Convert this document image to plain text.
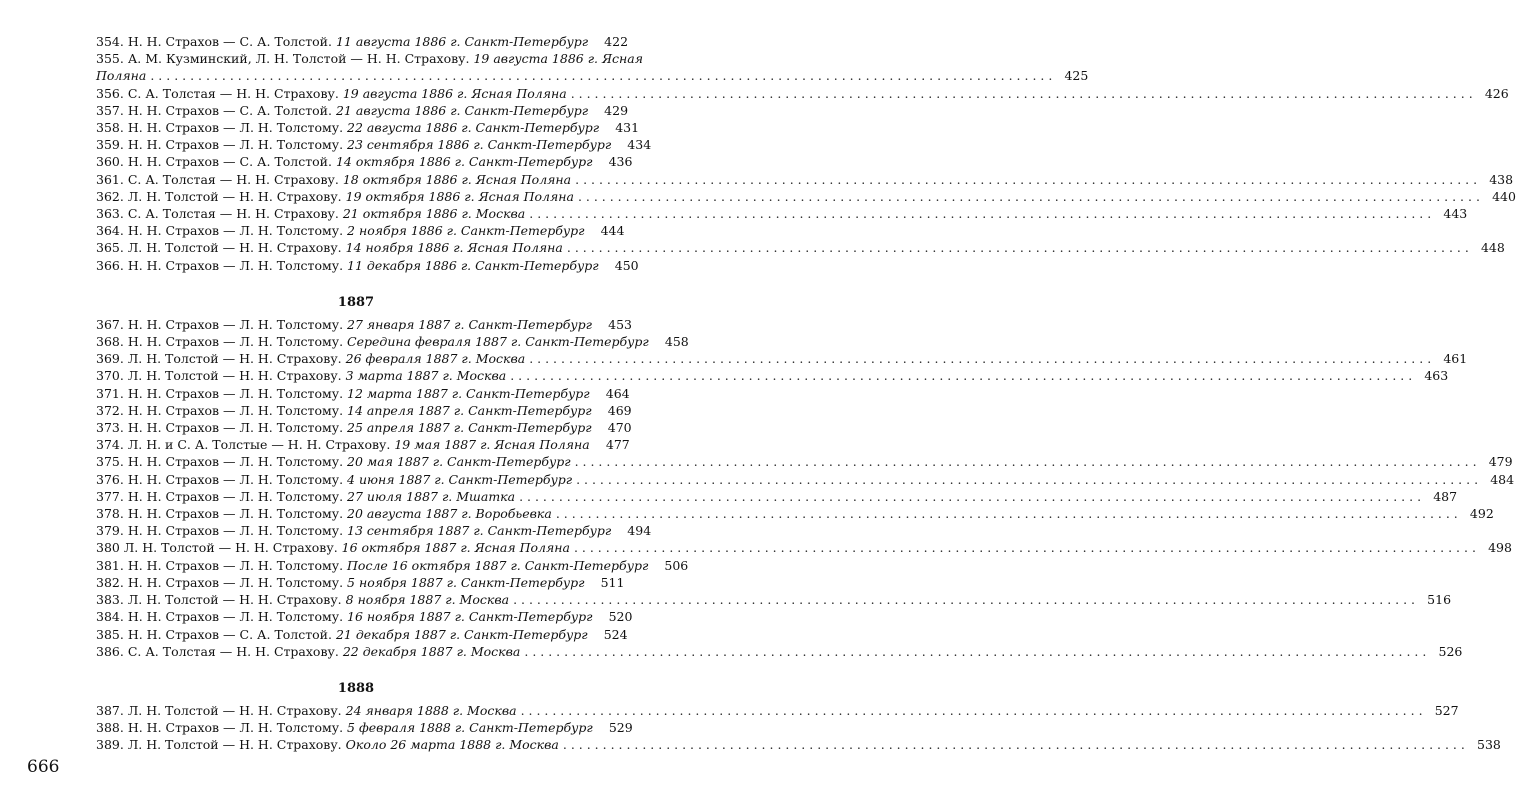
354. Н. Н. Страхов — С. А. Толстой. 11 августа 1886 г. Санкт-Петербург	422
355. А. М. Кузминский, Л. Н. Толстой — Н. Н. Страхову. 19 августа 1886 г. Ясная
Поляна . . .	425
356. С. А. Толстая — Н. Н. Страхову. 19 августа 1886 г. Ясная Поляна . . .	426
357. Н. Н. Страхов — С. А. Толстой. 21 августа 1886 г. Санкт-Петербург	429
358. Н. Н. Страхов — Л. Н. Толстому. 22 августа 1886 г. Санкт-Петербург	431
359. Н. Н. Страхов — Л. Н. Толстому. 23 сентября 1886 г. Санкт-Петербург	434
360. Н. Н. Страхов — С. А. Толстой. 14 октября 1886 г. Санкт-Петербург	436
361. С. А. Толстая — Н. Н. Страхову. 18 октября 1886 г. Ясная Поляна . . .	438
362. Л. Н. Толстой — Н. Н. Страхову. 19 октября 1886 г. Ясная Поляна . . .	440
363. С. А. Толстая — Н. Н. Страхову. 21 октября 1886 г. Москва . . .	443
364. Н. Н. Страхов — Л. Н. Толстому. 2 ноября 1886 г. Санкт-Петербург	444
365. Л. Н. Толстой — Н. Н. Страхову. 14 ноября 1886 г. Ясная Поляна . . .	448
366. Н. Н. Страхов — Л. Н. Толстому. 11 декабря 1886 г. Санкт-Петербург	450
1887
367. Н. Н. Страхов — Л. Н. Толстому. 27 января 1887 г. Санкт-Петербург	453
368. Н. Н. Страхов — Л. Н. Толстому. Середина февраля 1887 г. Санкт-Петербург	458
369. Л. Н. Толстой — Н. Н. Страхову. 26 февраля 1887 г. Москва . . .	461
370. Л. Н. Толстой — Н. Н. Страхову. 3 марта 1887 г. Москва . . .	463
371. Н. Н. Страхов — Л. Н. Толстому. 12 марта 1887 г. Санкт-Петербург	464
372. Н. Н. Страхов — Л. Н. Толстому. 14 апреля 1887 г. Санкт-Петербург	469
373. Н. Н. Страхов — Л. Н. Толстому. 25 апреля 1887 г. Санкт-Петербург	470
374. Л. Н. и С. А. Толстые — Н. Н. Страхову. 19 мая 1887 г. Ясная Поляна	477
375. Н. Н. Страхов — Л. Н. Толстому. 20 мая 1887 г. Санкт-Петербург . . .	479
376. Н. Н. Страхов — Л. Н. Толстому. 4 июня 1887 г. Санкт-Петербург . . .	484
377. Н. Н. Страхов — Л. Н. Толстому. 27 июля 1887 г. Мшатка . . .	487
378. Н. Н. Страхов — Л. Н. Толстому. 20 августа 1887 г. Воробьевка . . .	492
379. Н. Н. Страхов — Л. Н. Толстому. 13 сентября 1887 г. Санкт-Петербург	494
380 Л. Н. Толстой — Н. Н. Страхову. 16 октября 1887 г. Ясная Поляна . . .	498
381. Н. Н. Страхов — Л. Н. Толстому. После 16 октября 1887 г. Санкт-Петербург	506
382. Н. Н. Страхов — Л. Н. Толстому. 5 ноября 1887 г. Санкт-Петербург	511
383. Л. Н. Толстой — Н. Н. Страхову. 8 ноября 1887 г. Москва . . .	516
384. Н. Н. Страхов — Л. Н. Толстому. 16 ноября 1887 г. Санкт-Петербург	520
385. Н. Н. Страхов — С. А. Толстой. 21 декабря 1887 г. Санкт-Петербург	524
386. С. А. Толстая — Н. Н. Страхову. 22 декабря 1887 г. Москва . . .	526
1888
387. Л. Н. Толстой — Н. Н. Страхову. 24 января 1888 г. Москва . . .	527
388. Н. Н. Страхов — Л. Н. Толстому. 5 февраля 1888 г. Санкт-Петербург	529
389. Л. Н. Толстой — Н. Н. Страхову. Около 26 марта 1888 г. Москва . . .	538
666
